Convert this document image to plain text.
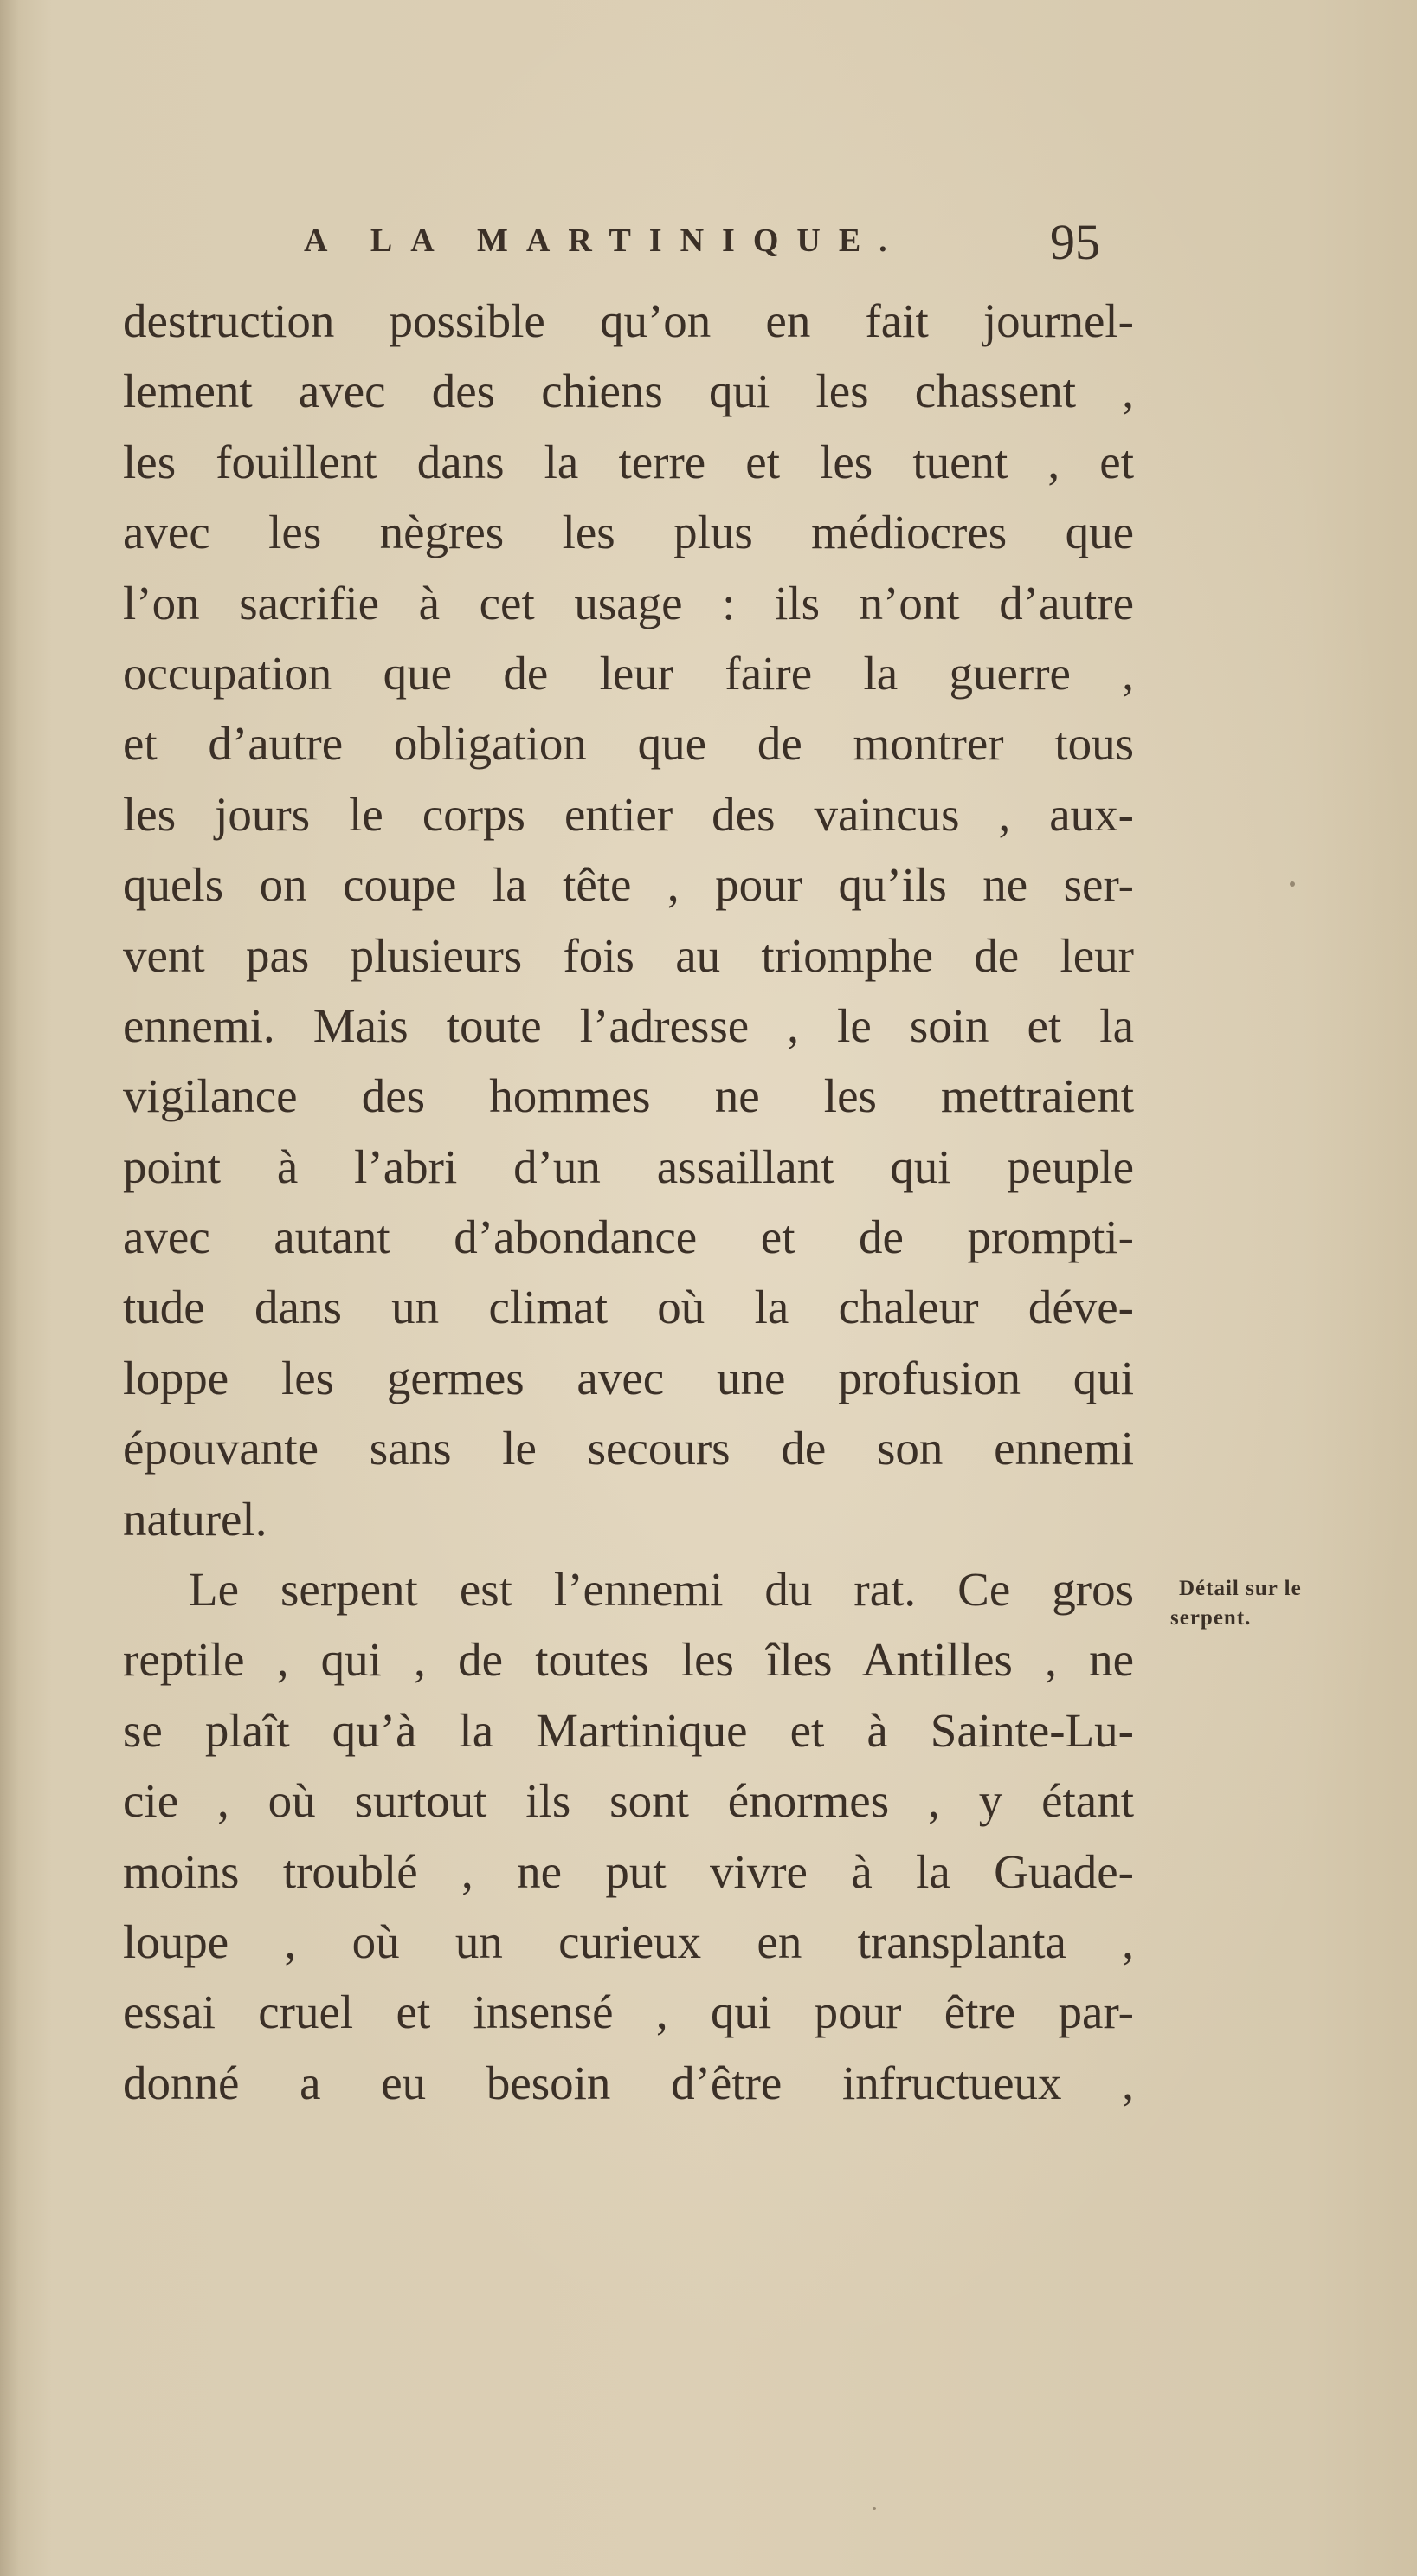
A LA MARTINIQUE.	95
destruction possible qu’on en fait journel-
lement avec des chiens qui les chassent ,
les fouillent dans la terre et les tuent , et
avec les nègres les plus médiocres que
l’on sacrifie à cet usage : ils n’ont d’autre
occupation que de leur faire la guerre ,
et d’autre obligation que de montrer tous
les jours le corps entier des vaincus , aux-
quels on coupe la tête , pour qu’ils ne ser-
vent pas plusieurs fois au triomphe de leur
ennemi. Mais toute l’adresse , le soin et la
vigilance des hommes ne les mettraient
point à l’abri d’un assaillant qui peuple
avec autant d’abondance et de prompti-
tude dans un climat où la chaleur déve-
loppe les germes avec une profusion qui
épouvante sans le secours de son ennemi
naturel.
Le serpent est l’ennemi du rat. Ce gros
reptile , qui , de toutes les îles Antilles , ne
se plaît qu’à la Martinique et à Sainte-Lu-
cie , où surtout ils sont énormes , y étant
moins troublé , ne put vivre à la Guade-
loupe , où un curieux en transplanta ,
essai cruel et insensé , qui pour être par-
donné a eu besoin d’être infructueux ,
Détail sur le
serpent.
